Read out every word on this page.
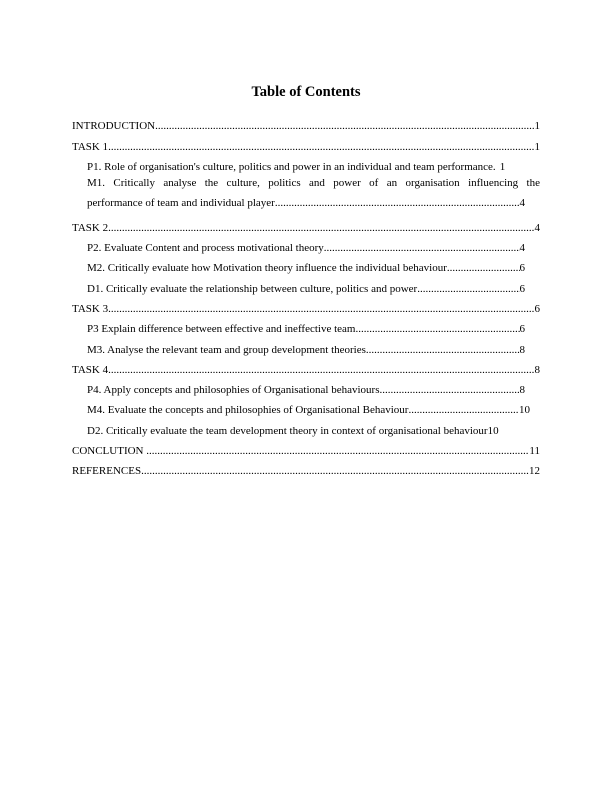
Table of Contents
INTRODUCTION .....	1
TASK 1 .....	1
P1. Role of organisation's culture, politics and power in an individual and team performance. 1
M1. Critically analyse the culture, politics and power of an organisation influencing the
performance of team and individual player .....	4
TASK 2 .....	4
P2. Evaluate Content and process motivational theory .....	4
M2. Critically evaluate how Motivation theory influence the individual behaviour .....	6
D1. Critically evaluate the relationship between culture, politics and power .....	6
TASK 3 .....	6
P3 Explain difference between effective and ineffective team .....	6
M3. Analyse the relevant team and group development theories .....	8
TASK 4 .....	8
P4. Apply concepts and philosophies of Organisational behaviours .....	8
M4. Evaluate the concepts and philosophies of Organisational Behaviour .....	10
D2. Critically evaluate the team development theory in context of organisational behaviour 10
CONCLUTION .....	11
REFERENCES .....	12
